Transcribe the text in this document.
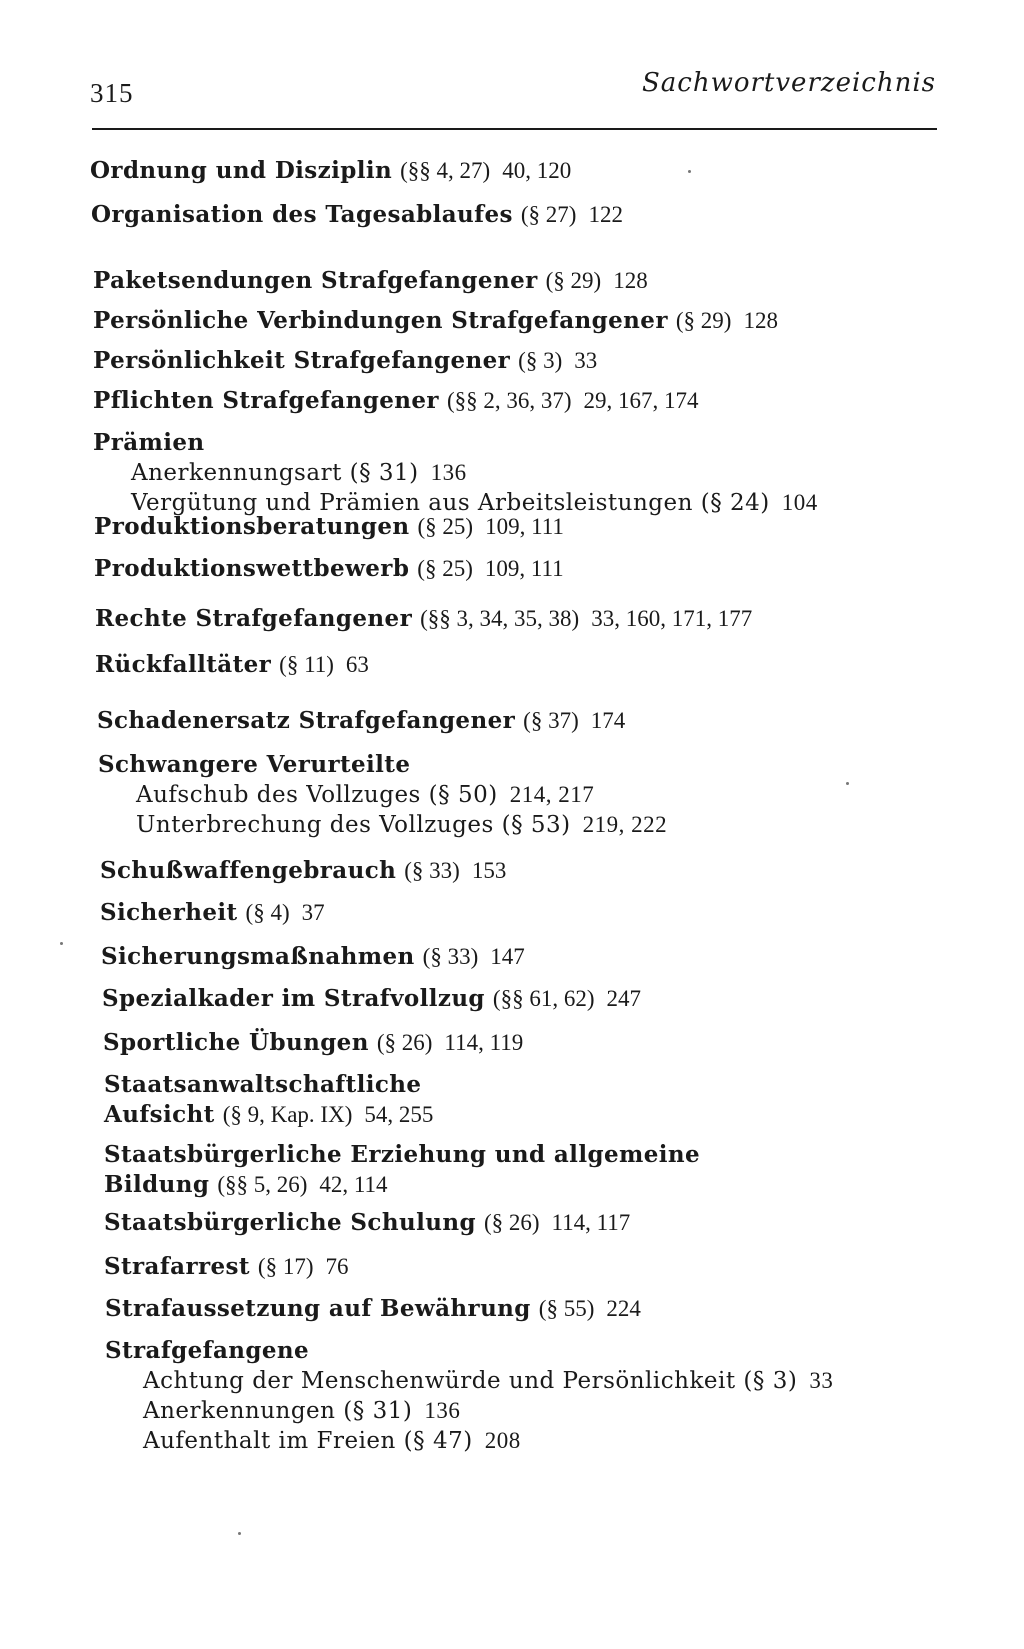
315	Sachwortverzeichnis
Ordnung und Disziplin (§§ 4, 27) 40, 120
Organisation des Tagesablaufes (§ 27) 122
Paketsendungen Strafgefangener (§ 29) 128
Persönliche Verbindungen Strafgefangener (§ 29) 128
Persönlichkeit Strafgefangener (§ 3) 33
Pflichten Strafgefangener (§§ 2, 36, 37) 29, 167, 174
Prämien
Anerkennungsart (§ 31) 136
Vergütung und Prämien aus Arbeitsleistungen (§ 24) 104
Produktionsberatungen (§ 25) 109, 111
Produktionswettbewerb (§ 25) 109, 111
Rechte Strafgefangener (§§ 3, 34, 35, 38) 33, 160, 171, 177
Rückfalltäter (§ 11) 63
Schadenersatz Strafgefangener (§ 37) 174
Schwangere Verurteilte
Aufschub des Vollzuges (§ 50) 214, 217
Unterbrechung des Vollzuges (§ 53) 219, 222
Schußwaffengebrauch (§ 33) 153
Sicherheit (§ 4) 37
Sicherungsmaßnahmen (§ 33) 147
Spezialkader im Strafvollzug (§§ 61, 62) 247
Sportliche Übungen (§ 26) 114, 119
Staatsanwaltschaftliche
Aufsicht (§ 9, Kap. IX) 54, 255
Staatsbürgerliche Erziehung und allgemeine
Bildung (§§ 5, 26) 42, 114
Staatsbürgerliche Schulung (§ 26) 114, 117
Strafarrest (§ 17) 76
Strafaussetzung auf Bewährung (§ 55) 224
Strafgefangene
Achtung der Menschenwürde und Persönlichkeit (§ 3) 33
Anerkennungen (§ 31) 136
Aufenthalt im Freien (§ 47) 208
